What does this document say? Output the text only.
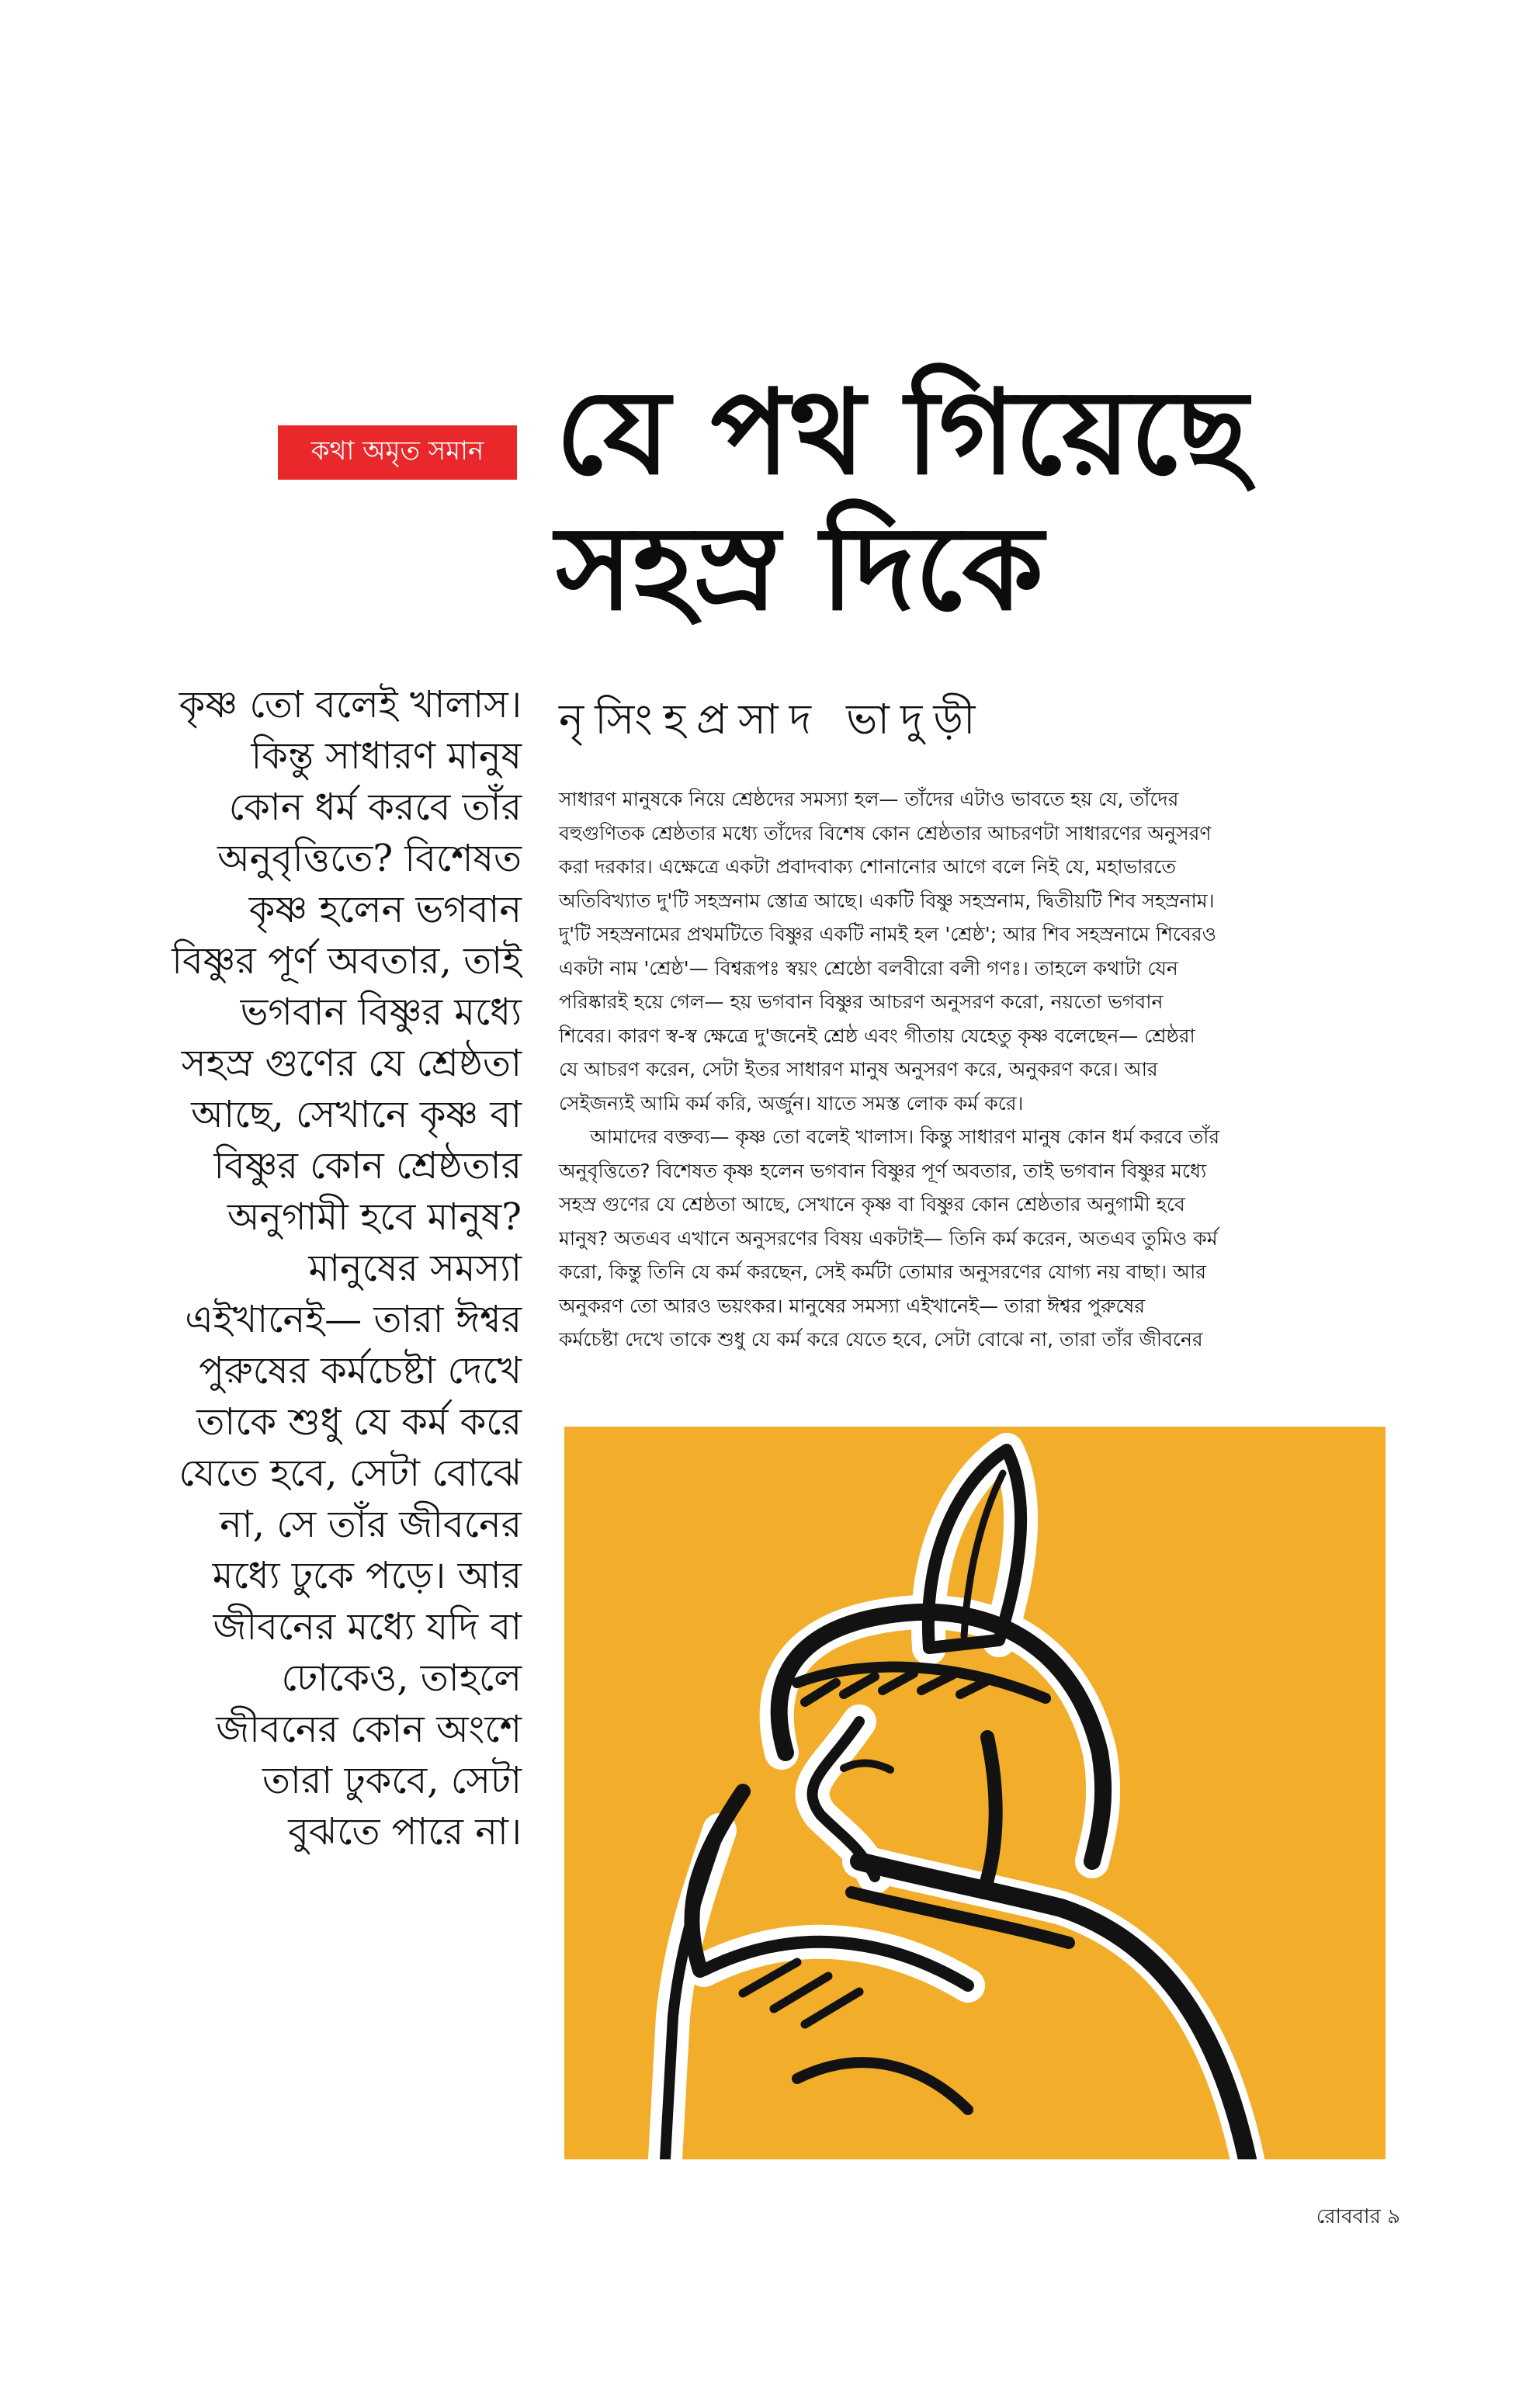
কথা অমৃত সমান যে পথ গিয়েছে
সহস্র দিকে

নৃসিংহপ্রসাদ ভাদুড়ী

কৃষ্ণ তো বলেই খালাস।
কিন্তু সাধারণ মানুষ
কোন ধর্ম করবে তাঁর
অনুবৃত্তিতে? বিশেষত
কৃষ্ণ হলেন ভগবান
বিষ্ণুর পূর্ণ অবতার, তাই
ভগবান বিষ্ণুর মধ্যে
সহস্র গুণের যে শ্রেষ্ঠতা
আছে, সেখানে কৃষ্ণ বা
বিষ্ণুর কোন শ্রেষ্ঠতার
অনুগামী হবে মানুষ?
মানুষের সমস্যা
এইখানেই— তারা ঈশ্বর
পুরুষের কর্মচেষ্টা দেখে
তাকে শুধু যে কর্ম করে
যেতে হবে, সেটা বোঝে
না, সে তাঁর জীবনের
মধ্যে ঢুকে পড়ে। আর
জীবনের মধ্যে যদি বা
ঢোকেও, তাহলে
জীবনের কোন অংশে
তারা ঢুকবে, সেটা
বুঝতে পারে না।
সাধারণ মানুষকে নিয়ে শ্রেষ্ঠদের সমস্যা হল— তাঁদের এটাও ভাবতে হয় যে, তাঁদের
বহুগুণিতক শ্রেষ্ঠতার মধ্যে তাঁদের বিশেষ কোন শ্রেষ্ঠতার আচরণটা সাধারণের অনুসরণ
করা দরকার। এক্ষেত্রে একটা প্রবাদবাক্য শোনানোর আগে বলে নিই যে, মহাভারতে
অতিবিখ্যাত দু'টি সহস্রনাম স্তোত্র আছে। একটি বিষ্ণু সহস্রনাম, দ্বিতীয়টি শিব সহস্রনাম।
দু'টি সহস্রনামের প্রথমটিতে বিষ্ণুর একটি নামই হল 'শ্রেষ্ঠ'; আর শিব সহস্রনামে শিবেরও
একটা নাম 'শ্রেষ্ঠ'— বিশ্বরূপঃ স্বয়ং শ্রেষ্ঠো বলবীরো বলী গণঃ। তাহলে কথাটা যেন
পরিষ্কারই হয়ে গেল— হয় ভগবান বিষ্ণুর আচরণ অনুসরণ করো, নয়তো ভগবান
শিবের। কারণ স্ব-স্ব ক্ষেত্রে দু'জনেই শ্রেষ্ঠ এবং গীতায় যেহেতু কৃষ্ণ বলেছেন— শ্রেষ্ঠরা
যে আচরণ করেন, সেটা ইতর সাধারণ মানুষ অনুসরণ করে, অনুকরণ করে। আর
সেইজন্যই আমি কর্ম করি, অর্জুন। যাতে সমস্ত লোক কর্ম করে।
আমাদের বক্তব্য— কৃষ্ণ তো বলেই খালাস। কিন্তু সাধারণ মানুষ কোন ধর্ম করবে তাঁর
অনুবৃত্তিতে? বিশেষত কৃষ্ণ হলেন ভগবান বিষ্ণুর পূর্ণ অবতার, তাই ভগবান বিষ্ণুর মধ্যে
সহস্র গুণের যে শ্রেষ্ঠতা আছে, সেখানে কৃষ্ণ বা বিষ্ণুর কোন শ্রেষ্ঠতার অনুগামী হবে
মানুষ? অতএব এখানে অনুসরণের বিষয় একটাই— তিনি কর্ম করেন, অতএব তুমিও কর্ম
করো, কিন্তু তিনি যে কর্ম করছেন, সেই কর্মটা তোমার অনুসরণের যোগ্য নয় বাছা। আর
অনুকরণ তো আরও ভয়ংকর। মানুষের সমস্যা এইখানেই— তারা ঈশ্বর পুরুষের
কর্মচেষ্টা দেখে তাকে শুধু যে কর্ম করে যেতে হবে, সেটা বোঝে না, তারা তাঁর জীবনের
রোববার ৯
